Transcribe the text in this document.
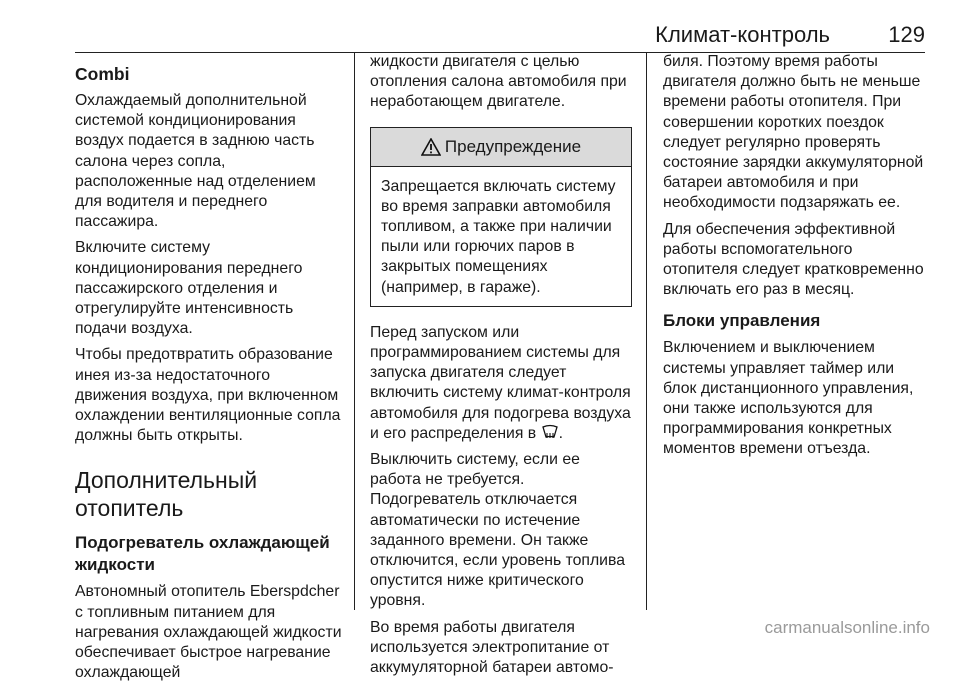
Климат-контроль	129
Combi

Охлаждаемый дополнительной системой кондиционирования воздух подается в заднюю часть салона через сопла, расположенные над отделением для водителя и переднего пассажира.

Включите систему кондиционирования переднего пассажирского отделения и отрегулируйте интенсивность подачи воздуха.

Чтобы предотвратить образование инея из-за недостаточного движения воздуха, при включенном охлаждении вентиляционные сопла должны быть открыты.

Дополнительный отопитель
Подогреватель охлаждающей жидкости

Автономный отопитель Eberspdcher с топливным питанием для нагревания охлаждающей жидкости обеспечивает быстрое нагревание охлаждающей

жидкости двигателя с целью отопления салона автомобиля при неработающем двигателе.

Предупреждение

Запрещается включать систему во время заправки автомобиля топливом, а также при наличии пыли или горючих паров в закрытых помещениях (например, в гараже).

Перед запуском или программированием системы для запуска двигателя следует включить систему климат-контроля автомобиля для подогрева воздуха и его распределения в .

Выключить систему, если ее работа не требуется. Подогреватель отключается автоматически по истечение заданного времени. Он также отключится, если уровень топлива опустится ниже критического уровня.

Во время работы двигателя используется электропитание от аккумуляторной батареи автомо-

биля. Поэтому время работы двигателя должно быть не меньше времени работы отопителя. При совершении коротких поездок следует регулярно проверять состояние зарядки аккумуляторной батареи автомобиля и при необходимости подзаряжать ее.

Для обеспечения эффективной работы вспомогательного отопителя следует кратковременно включать его раз в месяц.

Блоки управления

Включением и выключением системы управляет таймер или блок дистанционного управления, они также используются для программирования конкретных моментов времени отъезда.

carmanualsonline.info
